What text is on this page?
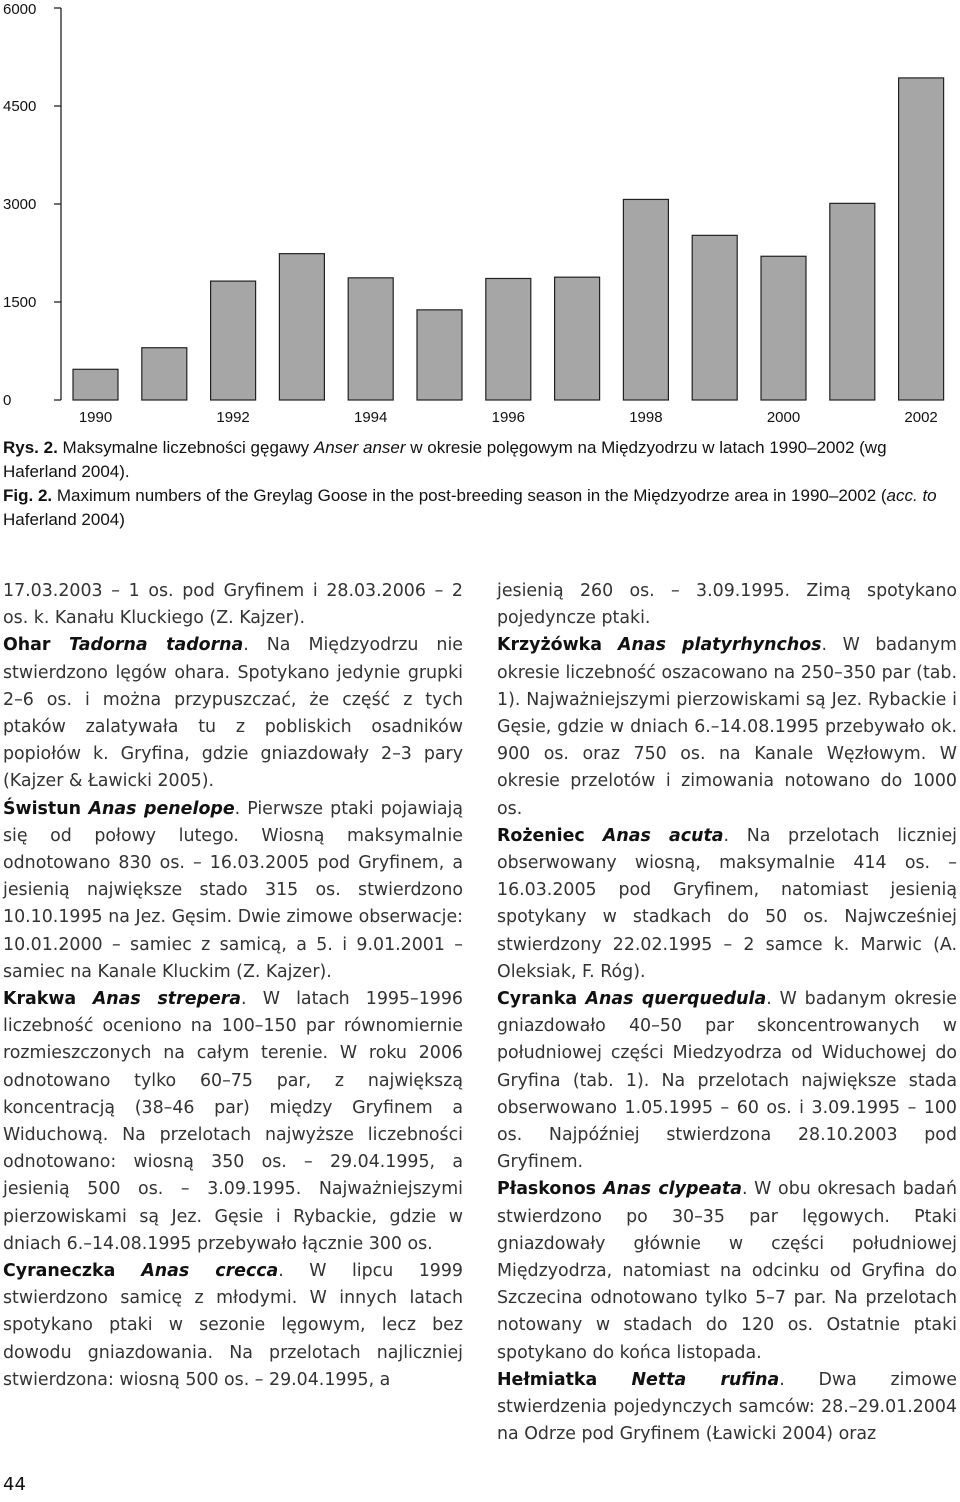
0
1500
3000
4500
6000
1990	1992	1994	1996	1998	2000	2002

Rys. 2. Maksymalne liczebności gęgawy Anser anser w okresie polęgowym na Międzyodrzu w latach 1990–2002 (wg Haferland 2004).

Fig. 2. Maximum numbers of the Greylag Goose in the post-breeding season in the Międzyodrze area in 1990–2002 (acc. to Haferland 2004)

17.03.2003 – 1 os. pod Gryfinem i 28.03.2006 – 2 os. k. Kanału Kluckiego (Z. Kajzer).

Ohar Tadorna tadorna. Na Międzyodrzu nie stwierdzono lęgów ohara. Spotykano jedynie grupki 2–6 os. i można przypuszczać, że część z tych ptaków zalatywała tu z pobliskich osadników popiołów k. Gryfina, gdzie gniazdowały 2–3 pary (Kajzer & Ławicki 2005).

Świstun Anas penelope. Pierwsze ptaki pojawiają się od połowy lutego. Wiosną maksymalnie odnotowano 830 os. – 16.03.2005 pod Gryfinem, a jesienią największe stado 315 os. stwierdzono 10.10.1995 na Jez. Gęsim. Dwie zimowe obserwacje: 10.01.2000 – samiec z samicą, a 5. i 9.01.2001 – samiec na Kanale Kluckim (Z. Kajzer).

Krakwa Anas strepera. W latach 1995–1996 liczebność oceniono na 100–150 par równomiernie rozmieszczonych na całym terenie. W roku 2006 odnotowano tylko 60–75 par, z największą koncentracją (38–46 par) między Gryfinem a Widuchową. Na przelotach najwyższe liczebności odnotowano: wiosną 350 os. – 29.04.1995, a jesienią 500 os. – 3.09.1995. Najważniejszymi pierzowiskami są Jez. Gęsie i Rybackie, gdzie w dniach 6.–14.08.1995 przebywało łącznie 300 os.

Cyraneczka Anas crecca. W lipcu 1999 stwierdzono samicę z młodymi. W innych latach spotykano ptaki w sezonie lęgowym, lecz bez dowodu gniazdowania. Na przelotach najliczniej stwierdzona: wiosną 500 os. – 29.04.1995, a

jesienią 260 os. – 3.09.1995. Zimą spotykano pojedyncze ptaki.

Krzyżówka Anas platyrhynchos. W badanym okresie liczebność oszacowano na 250–350 par (tab. 1). Najważniejszymi pierzowiskami są Jez. Rybackie i Gęsie, gdzie w dniach 6.–14.08.1995 przebywało ok. 900 os. oraz 750 os. na Kanale Węzłowym. W okresie przelotów i zimowania notowano do 1000 os.

Rożeniec Anas acuta. Na przelotach liczniej obserwowany wiosną, maksymalnie 414 os. – 16.03.2005 pod Gryfinem, natomiast jesienią spotykany w stadkach do 50 os. Najwcześniej stwierdzony 22.02.1995 – 2 samce k. Marwic (A. Oleksiak, F. Róg).

Cyranka Anas querquedula. W badanym okresie gniazdowało 40–50 par skoncentrowanych w południowej części Miedzyodrza od Widuchowej do Gryfina (tab. 1). Na przelotach największe stada obserwowano 1.05.1995 – 60 os. i 3.09.1995 – 100 os. Najpóźniej stwierdzona 28.10.2003 pod Gryfinem.

Płaskonos Anas clypeata. W obu okresach badań stwierdzono po 30–35 par lęgowych. Ptaki gniazdowały głównie w części południowej Międzyodrza, natomiast na odcinku od Gryfina do Szczecina odnotowano tylko 5–7 par. Na przelotach notowany w stadach do 120 os. Ostatnie ptaki spotykano do końca listopada.

Hełmiatka Netta rufina. Dwa zimowe stwierdzenia pojedynczych samców: 28.–29.01.2004 na Odrze pod Gryfinem (Ławicki 2004) oraz

44
